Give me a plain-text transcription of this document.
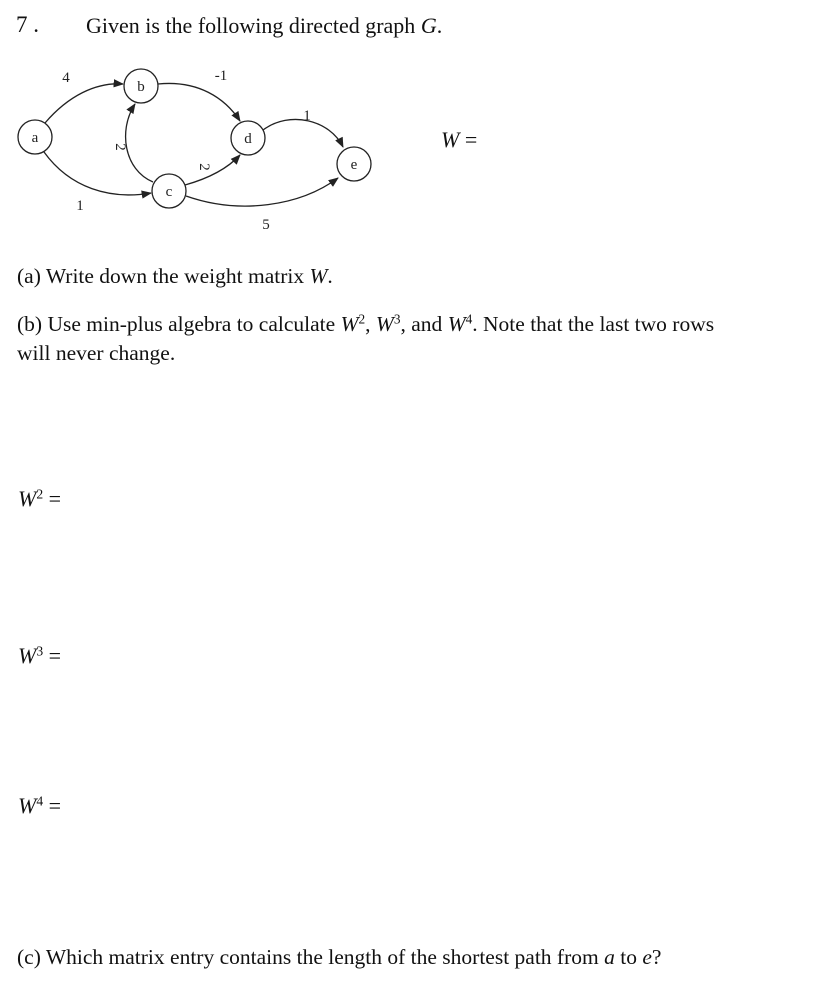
7 . Given is the following directed graph G.
4
1
2
-1
2
1
5
a
b
c
d
e
W =
(a) Write down the weight matrix W.
(b) Use min-plus algebra to calculate $W^2$, $W^3$, and $W^4$. Note that the last two rows
will never change.
$W^2$ =
$W^3$ =
$W^4$ =
(c) Which matrix entry contains the length of the shortest path from a to e?
